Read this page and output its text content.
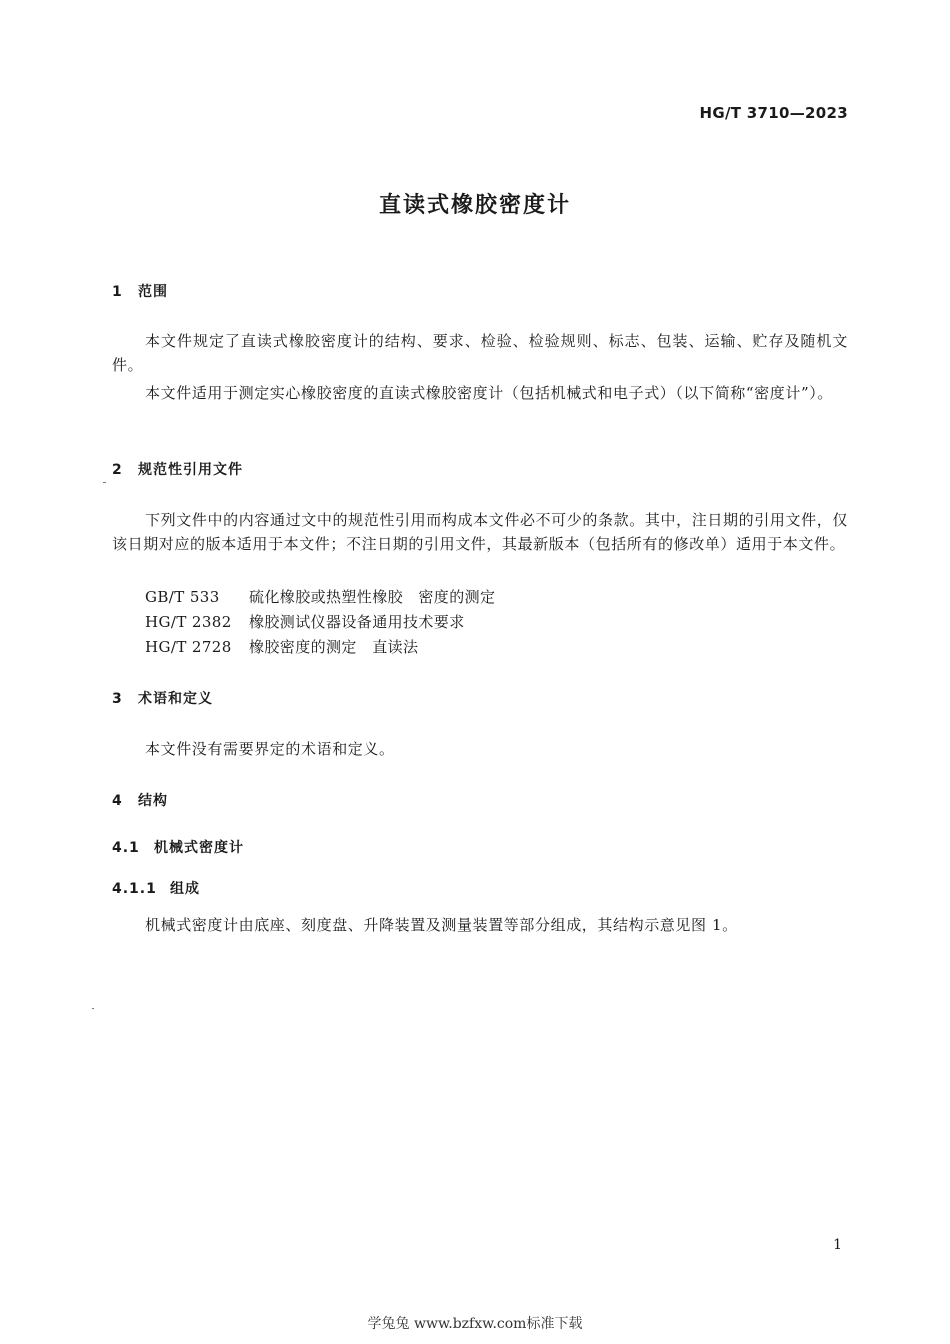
HG/T 3710—2023
直读式橡胶密度计
1 范围
本文件规定了直读式橡胶密度计的结构、要求、检验、检验规则、标志、包装、运输、贮存及随机文件。
本文件适用于测定实心橡胶密度的直读式橡胶密度计（包括机械式和电子式）（以下简称“密度计”）。
2 规范性引用文件
下列文件中的内容通过文中的规范性引用而构成本文件必不可少的条款。其中，注日期的引用文件，仅该日期对应的版本适用于本文件；不注日期的引用文件，其最新版本（包括所有的修改单）适用于本文件。
GB/T 533 硫化橡胶或热塑性橡胶　密度的测定
HG/T 2382 橡胶测试仪器设备通用技术要求
HG/T 2728 橡胶密度的测定　直读法
3 术语和定义
本文件没有需要界定的术语和定义。
4 结构
4.1 机械式密度计
4.1.1 组成
机械式密度计由底座、刻度盘、升降装置及测量装置等部分组成，其结构示意见图 1。
1
学兔兔 www.bzfxw.com标准下载
